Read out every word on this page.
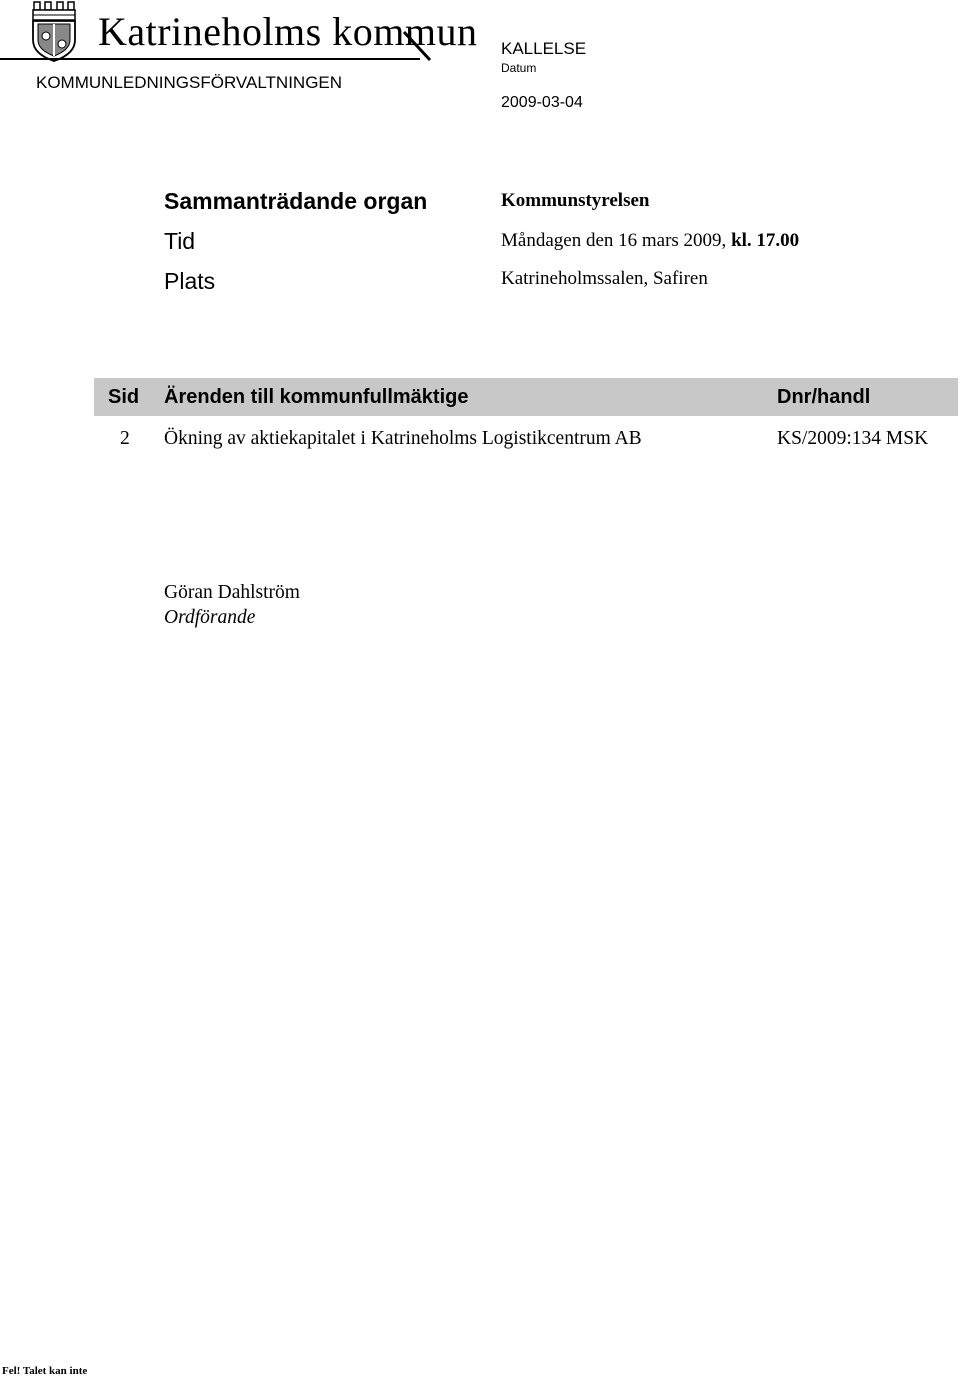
Katrineholms kommun
KOMMUNLEDNINGSFÖRVALTNINGEN
KALLELSE
Datum
2009-03-04
Sammanträdande organ	Kommunstyrelsen
Tid	Måndagen den 16 mars 2009, kl. 17.00
Plats	Katrineholmssalen, Safiren
Sid Ärenden till kommunfullmäktige	Dnr/handl
2 Ökning av aktiekapitalet i Katrineholms Logistikcentrum AB	KS/2009:134 MSK
Göran Dahlström
Ordförande
Fel! Talet kan inte
